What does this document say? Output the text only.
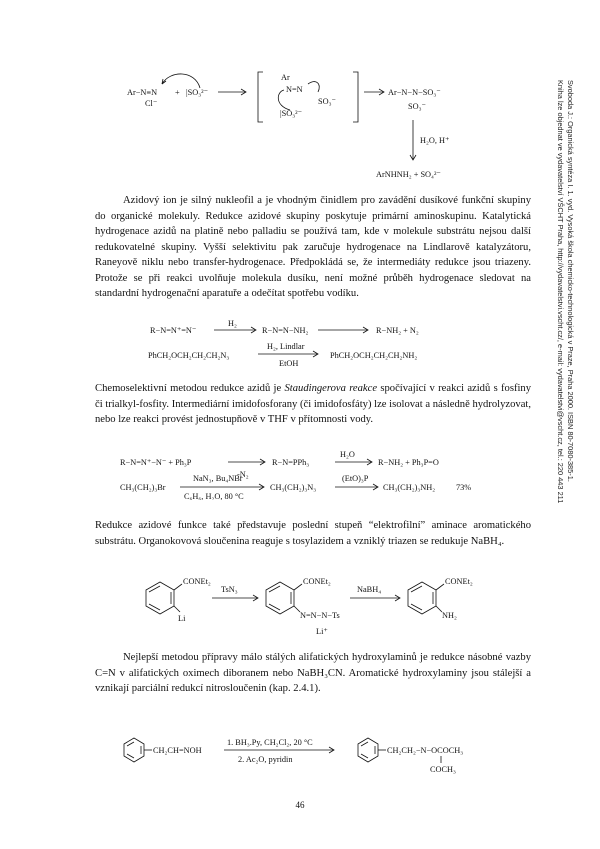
Svoboda J.: Organická syntéza I. 1. vyd. Vysoká škola chemicko-technologická v Praze, Praha 2000. ISBN 80-7080-385-1.
Kniha lze objednat ve vydavatelství VŠCHT Praha, http://vydavatelstvi.vscht.cz/, e-mail: vydavatelstvi@vscht.cz, tel.: 220 443 211
Ar−N≡N
Cl⁻
+ |SO₃²⁻
Ar
N=N
SO₃⁻
|SO₃²⁻
Ar−N−N−SO₃⁻
SO₃⁻
H₂O, H⁺
ArNHNH₂ + SO₄²⁻

Azidový ion je silný nukleofil a je vhodným činidlem pro zavádění dusíkové funkční skupiny do organické molekuly. Redukce azidové skupiny poskytuje primární aminoskupinu. Katalytická hydrogenace azidů na platině nebo palladiu se používá tam, kde v molekule substrátu nejsou další redukovatelné skupiny. Vyšší selektivitu pak zaručuje hydrogenace na Lindlarově katalyzátoru, Raneyově niklu nebo transfer-hydrogenace. Předpokládá se, že intermediáty redukce jsou triazeny. Protože se při reakci uvolňuje molekula dusíku, není možné průběh hydrogenace sledovat na standardní hydrogenační aparatuře a odečítat spotřebu vodíku.

R−N=N⁺=N⁻
H₂
R−N=N−NH₂	R−NH₂ + N₂
PhCH₂OCH₂CH₂CH₂N₃
H₂, Lindlar
EtOH
PhCH₂OCH₂CH₂CH₂NH₂

Chemoselektivní metodou redukce azidů je Staudingerova reakce spočívající v reakci azidů s fosfiny či trialkyl-fosfity. Intermediární imidofosforany (či imidofosfáty) lze isolovat a následně hydrolyzovat, nebo lze reakci provést jednostupňově v THF v přítomnosti vody.

R−N=N⁺−N⁻ + Ph₃P
-N₂
R−N=PPh₃
H₂O
R−NH₂ + Ph₃P=O
CH₃(CH₂)₃Br
NaN₃, Bu₄NBr
C₆H₆, H₂O, 80 °C
CH₃(CH₂)₃N₃
(EtO)₃P
CH₃(CH₂)₃NH₂	73%

Redukce azidové funkce také představuje poslední stupeň “elektrofilní” aminace aromatického substrátu. Organokovová sloučenina reaguje s tosylazidem a vzniklý triazen se redukuje NaBH₄.

CONEt₂
Li
TsN₃
CONEt₂
N=N−N−Ts
Li⁺
NaBH₄
CONEt₂
NH₂

Nejlepší metodou přípravy málo stálých alifatických hydroxylaminů je redukce násobné vazby C=N v alifatických oximech diboranem nebo NaBH₃CN. Aromatické hydroxylaminy jsou stálejší a vznikají parciální redukcí nitrosloučenin (kap. 2.4.1).

CH₂CH=NOH
1. BH₃.Py, CH₂Cl₂, 20 °C
2. Ac₂O, pyridin
CH₂CH₂−N−OCOCH₃
COCH₃
46
